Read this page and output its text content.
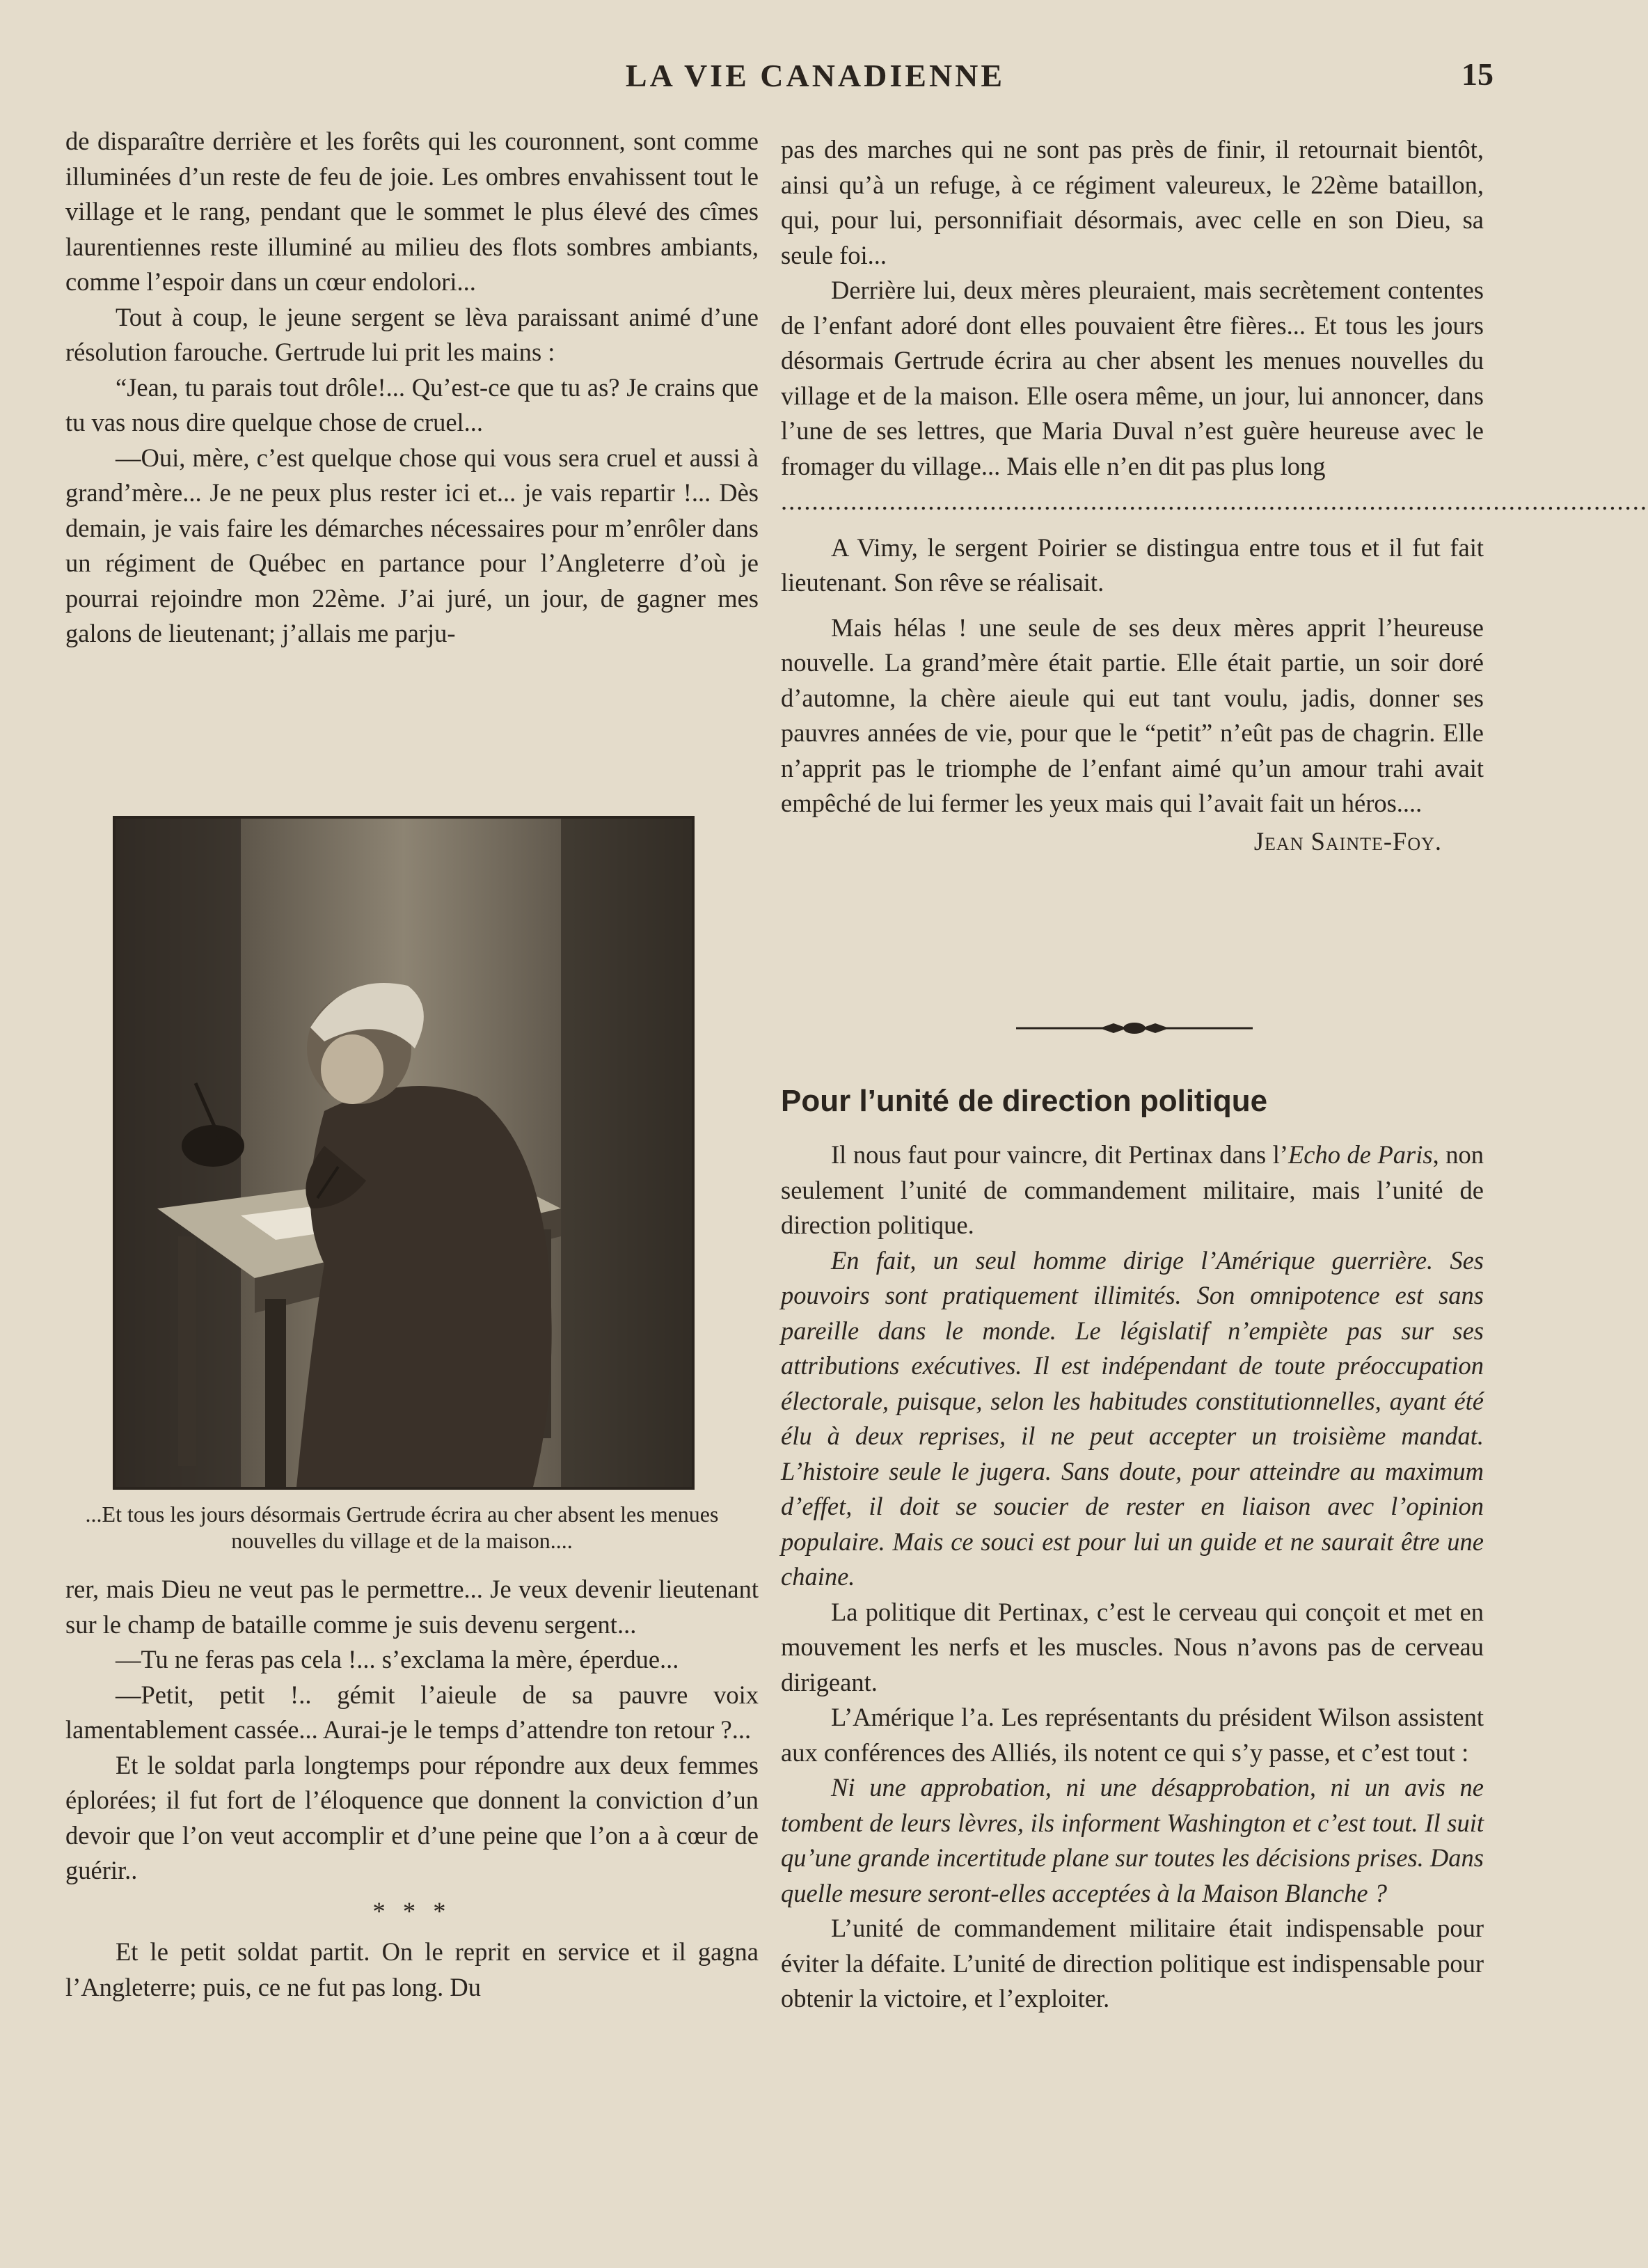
LA VIE CANADIENNE	15

de disparaître derrière et les forêts qui les couronnent, sont comme illuminées d’un reste de feu de joie. Les ombres envahissent tout le village et le rang, pendant que le sommet le plus élevé des cîmes laurentiennes reste illuminé au milieu des flots sombres ambiants, comme l’espoir dans un cœur endolori...

Tout à coup, le jeune sergent se lèva paraissant animé d’une résolution farouche. Gertrude lui prit les mains :

“Jean, tu parais tout drôle!... Qu’est-ce que tu as? Je crains que tu vas nous dire quelque chose de cruel...

—Oui, mère, c’est quelque chose qui vous sera cruel et aussi à grand’mère... Je ne peux plus rester ici et... je vais repartir !... Dès demain, je vais faire les démarches nécessaires pour m’enrôler dans un régiment de Québec en partance pour l’Angleterre d’où je pourrai rejoindre mon 22ème. J’ai juré, un jour, de gagner mes galons de lieutenant; j’allais me parju-

...Et tous les jours désormais Gertrude écrira au cher absent les menues nouvelles du village et de la maison....

rer, mais Dieu ne veut pas le permettre... Je veux devenir lieutenant sur le champ de bataille comme je suis devenu sergent...

—Tu ne feras pas cela !... s’exclama la mère, éperdue...

—Petit, petit !.. gémit l’aieule de sa pauvre voix lamentablement cassée... Aurai-je le temps d’attendre ton retour ?...

Et le soldat parla longtemps pour répondre aux deux femmes éplorées; il fut fort de l’éloquence que donnent la conviction d’un devoir que l’on veut accomplir et d’une peine que l’on a à cœur de guérir..

* * *

Et le petit soldat partit. On le reprit en service et il gagna l’Angleterre; puis, ce ne fut pas long. Du

pas des marches qui ne sont pas près de finir, il retournait bientôt, ainsi qu’à un refuge, à ce régiment valeureux, le 22ème bataillon, qui, pour lui, personnifiait désormais, avec celle en son Dieu, sa seule foi...

Derrière lui, deux mères pleuraient, mais secrètement contentes de l’enfant adoré dont elles pouvaient être fières... Et tous les jours désormais Gertrude écrira au cher absent les menues nouvelles du village et de la maison. Elle osera même, un jour, lui annoncer, dans l’une de ses lettres, que Maria Duval n’est guère heureuse avec le fromager du village... Mais elle n’en dit pas plus long

................................................................................................................

A Vimy, le sergent Poirier se distingua entre tous et il fut fait lieutenant. Son rêve se réalisait.

Mais hélas ! une seule de ses deux mères apprit l’heureuse nouvelle. La grand’mère était partie. Elle était partie, un soir doré d’automne, la chère aieule qui eut tant voulu, jadis, donner ses pauvres années de vie, pour que le “petit” n’eût pas de chagrin. Elle n’apprit pas le triomphe de l’enfant aimé qu’un amour trahi avait empêché de lui fermer les yeux mais qui l’avait fait un héros....

Jean Sainte-Foy.

Pour l’unité de direction politique

Il nous faut pour vaincre, dit Pertinax dans l’Echo de Paris, non seulement l’unité de commandement militaire, mais l’unité de direction politique.

En fait, un seul homme dirige l’Amérique guerrière. Ses pouvoirs sont pratiquement illimités. Son omnipotence est sans pareille dans le monde. Le législatif n’empiète pas sur ses attributions exécutives. Il est indépendant de toute préoccupation électorale, puisque, selon les habitudes constitutionnelles, ayant été élu à deux reprises, il ne peut accepter un troisième mandat. L’histoire seule le jugera. Sans doute, pour atteindre au maximum d’effet, il doit se soucier de rester en liaison avec l’opinion populaire. Mais ce souci est pour lui un guide et ne saurait être une chaine.

La politique dit Pertinax, c’est le cerveau qui conçoit et met en mouvement les nerfs et les muscles. Nous n’avons pas de cerveau dirigeant.

L’Amérique l’a. Les représentants du président Wilson assistent aux conférences des Alliés, ils notent ce qui s’y passe, et c’est tout :

Ni une approbation, ni une désapprobation, ni un avis ne tombent de leurs lèvres, ils informent Washington et c’est tout. Il suit qu’une grande incertitude plane sur toutes les décisions prises. Dans quelle mesure seront-elles acceptées à la Maison Blanche ?

L’unité de commandement militaire était indispensable pour éviter la défaite. L’unité de direction politique est indispensable pour obtenir la victoire, et l’exploiter.
